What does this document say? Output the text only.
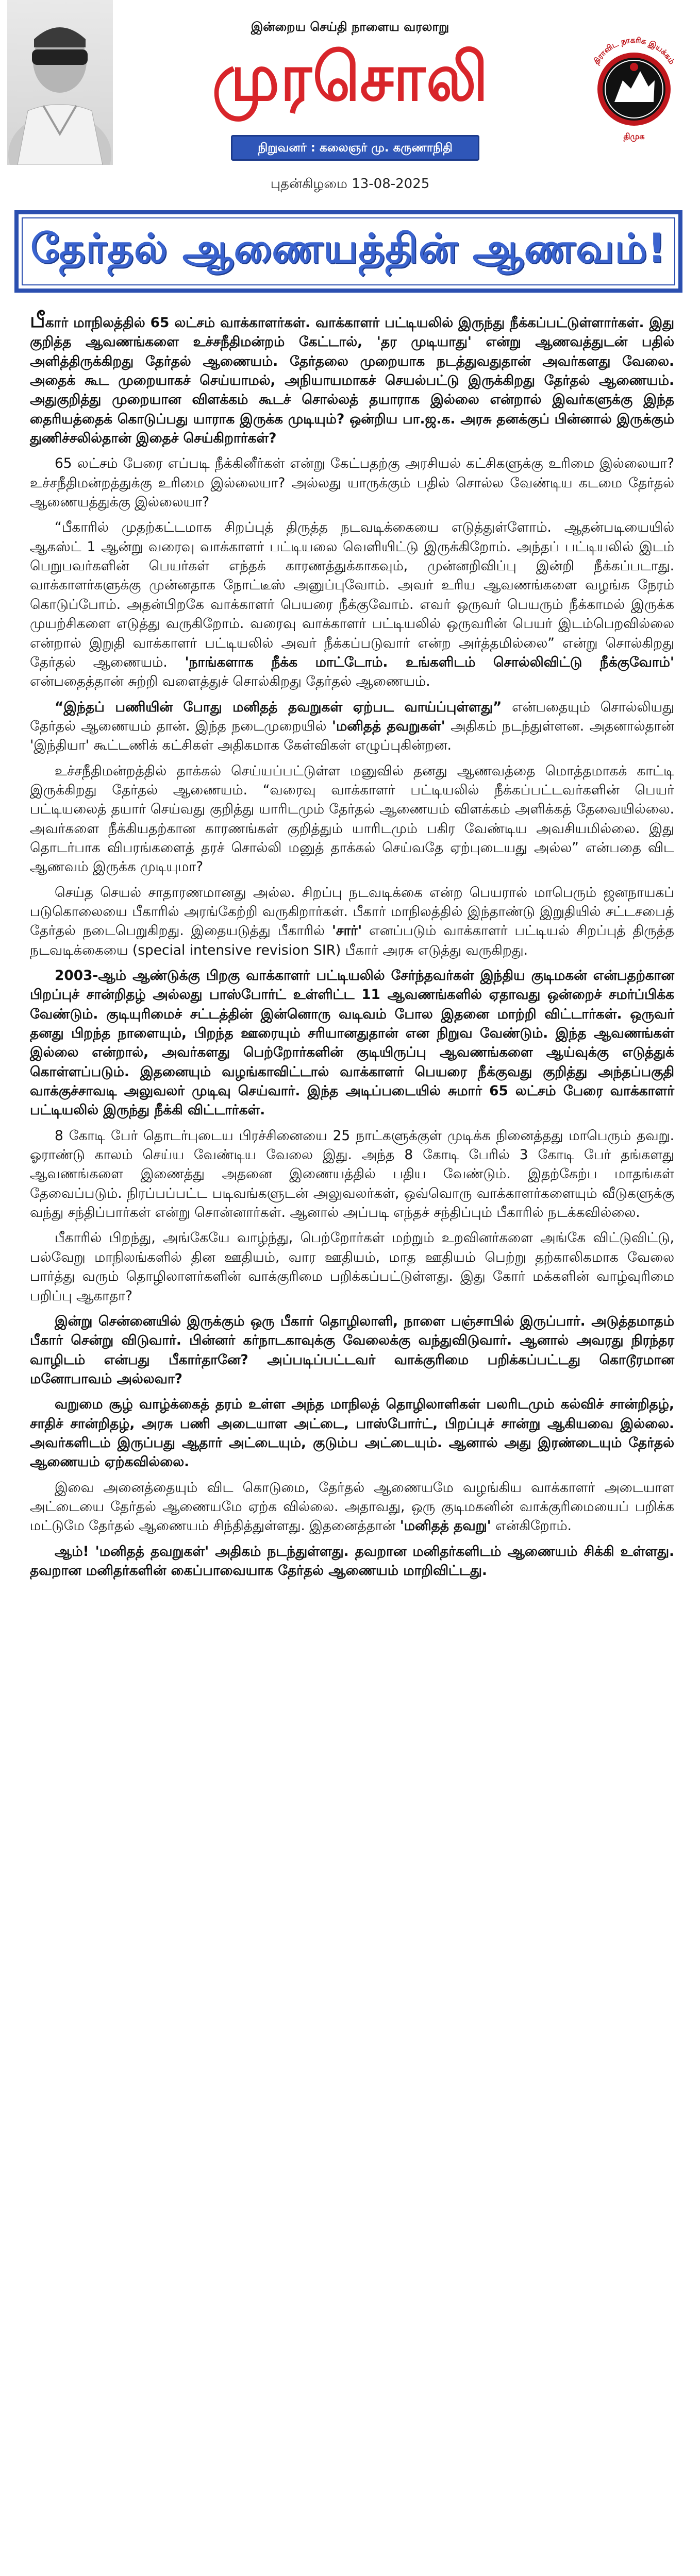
இன்றைய செய்தி நாளைய வரலாறு
முரசொலி	திராவிட நாகரிக இயக்கம்
திமுக
நிறுவனர் : கலைஞர் மு. கருணாநிதி
புதன்கிழமை 13-08-2025
தேர்தல் ஆணையத்தின் ஆணவம்!

பீகார் மாநிலத்தில் 65 லட்சம் வாக்காளர்கள். வாக்காளர் பட்டியலில் இருந்து நீக்கப்பட்டுள்ளார்கள். இது குறித்த ஆவணங்களை உச்சநீதிமன்றம் கேட்டால், 'தர முடியாது' என்று ஆணவத்துடன் பதில் அளித்திருக்கிறது தேர்தல் ஆணையம். தேர்தலை முறையாக நடத்துவதுதான் அவர்களது வேலை. அதைக் கூட முறையாகச் செய்யாமல், அநியாயமாகச் செயல்பட்டு இருக்கிறது தேர்தல் ஆணையம். அதுகுறித்து முறையான விளக்கம் கூடச் சொல்லத் தயாராக இல்லை என்றால் இவர்களுக்கு இந்த தைரியத்தைக் கொடுப்பது யாராக இருக்க முடியும்? ஒன்றிய பா.ஜ.க. அரசு தனக்குப் பின்னால் இருக்கும் துணிச்சலில்தான் இதைச் செய்கிறார்கள்?

65 லட்சம் பேரை எப்படி நீக்கினீர்கள் என்று கேட்பதற்கு அரசியல் கட்சிகளுக்கு உரிமை இல்லையா? உச்சநீதிமன்றத்துக்கு உரிமை இல்லையா? அல்லது யாருக்கும் பதில் சொல்ல வேண்டிய கடமை தேர்தல் ஆணையத்துக்கு இல்லையா?

“பீகாரில் முதற்கட்டமாக சிறப்புத் திருத்த நடவடிக்கையை எடுத்துள்ளோம். ஆதன்படியையில் ஆகஸ்ட் 1 ஆன்று வரைவு வாக்காளர் பட்டியலை வெளியிட்டு இருக்கிறோம். அந்தப் பட்டியலில் இடம் பெறுபவர்களின் பெயர்கள் எந்தக் காரணத்துக்காகவும், முன்னறிவிப்பு இன்றி நீக்கப்படாது. வாக்காளர்களுக்கு முன்னதாக நோட்டீஸ் அனுப்புவோம். அவர் உரிய ஆவணங்களை வழங்க நேரம் கொடுப்போம். அதன்பிறகே வாக்காளர் பெயரை நீக்குவோம். எவர் ஒருவர் பெயரும் நீக்காமல் இருக்க முயற்சிகளை எடுத்து வருகிறோம். வரைவு வாக்காளர் பட்டியலில் ஒருவரின் பெயர் இடம்பெறவில்லை என்றால் இறுதி வாக்காளர் பட்டியலில் அவர் நீக்கப்படுவார் என்ற அர்த்தமில்லை” என்று சொல்கிறது தேர்தல் ஆணையம். 'நாங்களாக நீக்க மாட்டோம். உங்களிடம் சொல்லிவிட்டு நீக்குவோம்' என்பதைத்தான் சுற்றி வளைத்துச் சொல்கிறது தேர்தல் ஆணையம்.

“இந்தப் பணியின் போது மனிதத் தவறுகள் ஏற்பட வாய்ப்புள்ளது” என்பதையும் சொல்லியது தேர்தல் ஆணையம் தான். இந்த நடைமுறையில் 'மனிதத் தவறுகள்' அதிகம் நடந்துள்ளன. அதனால்தான் 'இந்தியா' கூட்டணிக் கட்சிகள் அதிகமாக கேள்விகள் எழுப்புகின்றன.

உச்சநீதிமன்றத்தில் தாக்கல் செய்யப்பட்டுள்ள மனுவில் தனது ஆணவத்தை மொத்தமாகக் காட்டி இருக்கிறது தேர்தல் ஆணையம். “வரைவு வாக்காளர் பட்டியலில் நீக்கப்பட்டவர்களின் பெயர் பட்டியலைத் தயார் செய்வது குறித்து யாரிடமும் தேர்தல் ஆணையம் விளக்கம் அளிக்கத் தேவையில்லை. அவர்களை நீக்கியதற்கான காரணங்கள் குறித்தும் யாரிடமும் பகிர வேண்டிய அவசியமில்லை. இது தொடர்பாக விபரங்களைத் தரச் சொல்லி மனுத் தாக்கல் செய்வதே ஏற்புடையது அல்ல” என்பதை விட ஆணவம் இருக்க முடியுமா?

செய்த செயல் சாதாரணமானது அல்ல. சிறப்பு நடவடிக்கை என்ற பெயரால் மாபெரும் ஜனநாயகப் படுகொலையை பீகாரில் அரங்கேற்றி வருகிறார்கள். பீகார் மாநிலத்தில் இந்தாண்டு இறுதியில் சட்டசபைத் தேர்தல் நடைபெறுகிறது. இதையடுத்து பீகாரில் 'சார்' எனப்படும் வாக்காளர் பட்டியல் சிறப்புத் திருத்த நடவடிக்கையை (special intensive revision SIR) பீகார் அரசு எடுத்து வருகிறது.

2003-ஆம் ஆண்டுக்கு பிறகு வாக்காளர் பட்டியலில் சேர்ந்தவர்கள் இந்திய குடிமகன் என்பதற்கான பிறப்புச் சான்றிதழ் அல்லது பாஸ்போர்ட் உள்ளிட்ட 11 ஆவணங்களில் ஏதாவது ஒன்றைச் சமர்ப்பிக்க வேண்டும். குடியுரிமைச் சட்டத்தின் இன்னொரு வடிவம் போல இதனை மாற்றி விட்டார்கள். ஒருவர் தனது பிறந்த நாளையும், பிறந்த ஊரையும் சரியானதுதான் என நிறுவ வேண்டும். இந்த ஆவணங்கள் இல்லை என்றால், அவர்களது பெற்றோர்களின் குடியிருப்பு ஆவணங்களை ஆய்வுக்கு எடுத்துக் கொள்ளப்படும். இதனையும் வழங்காவிட்டால் வாக்காளர் பெயரை நீக்குவது குறித்து அந்தப்பகுதி வாக்குச்சாவடி அலுவலர் முடிவு செய்வார். இந்த அடிப்படையில் சுமார் 65 லட்சம் பேரை வாக்காளர் பட்டியலில் இருந்து நீக்கி விட்டார்கள்.

8 கோடி பேர் தொடர்புடைய பிரச்சினையை 25 நாட்களுக்குள் முடிக்க நினைத்தது மாபெரும் தவறு. ஓராண்டு காலம் செய்ய வேண்டிய வேலை இது. அந்த 8 கோடி பேரில் 3 கோடி பேர் தங்களது ஆவணங்களை இணைத்து அதனை இணையத்தில் பதிய வேண்டும். இதற்கேற்ப மாதங்கள் தேவைப்படும். நிரப்பப்பட்ட படிவங்களுடன் அலுவலர்கள், ஒவ்வொரு வாக்காளர்களையும் வீடுகளுக்கு வந்து சந்திப்பார்கள் என்று சொன்னார்கள். ஆனால் அப்படி எந்தச் சந்திப்பும் பீகாரில் நடக்கவில்லை.

பீகாரில் பிறந்து, அங்கேயே வாழ்ந்து, பெற்றோர்கள் மற்றும் உறவினர்களை அங்கே விட்டுவிட்டு, பல்வேறு மாநிலங்களில் தின ஊதியம், வார ஊதியம், மாத ஊதியம் பெற்று தற்காலிகமாக வேலை பார்த்து வரும் தொழிலாளர்களின் வாக்குரிமை பறிக்கப்பட்டுள்ளது. இது கோர் மக்களின் வாழ்வுரிமை பறிப்பு ஆகாதா?

இன்று சென்னையில் இருக்கும் ஒரு பீகார் தொழிலாளி, நாளை பஞ்சாபில் இருப்பார். அடுத்தமாதம் பீகார் சென்று விடுவார். பின்னர் கர்நாடகாவுக்கு வேலைக்கு வந்துவிடுவார். ஆனால் அவரது நிரந்தர வாழிடம் என்பது பீகார்தானே? அப்படிப்பட்டவர் வாக்குரிமை பறிக்கப்பட்டது கொடூரமான மனோபாவம் அல்லவா?

வறுமை சூழ் வாழ்க்கைத் தரம் உள்ள அந்த மாநிலத் தொழிலாளிகள் பலரிடமும் கல்விச் சான்றிதழ், சாதிச் சான்றிதழ், அரசு பணி அடையாள அட்டை, பாஸ்போர்ட், பிறப்புச் சான்று ஆகியவை இல்லை. அவர்களிடம் இருப்பது ஆதார் அட்டையும், குடும்ப அட்டையும். ஆனால் அது இரண்டையும் தேர்தல் ஆணையம் ஏற்கவில்லை.

இவை அனைத்தையும் விட கொடுமை, தேர்தல் ஆணையமே வழங்கிய வாக்காளர் அடையாள அட்டையை தேர்தல் ஆணையமே ஏற்க வில்லை. அதாவது, ஒரு குடிமகனின் வாக்குரிமையைப் பறிக்க மட்டுமே தேர்தல் ஆணையம் சிந்தித்துள்ளது. இதனைத்தான் 'மனிதத் தவறு' என்கிறோம்.

ஆம்! 'மனிதத் தவறுகள்' அதிகம் நடந்துள்ளது. தவறான மனிதர்களிடம் ஆணையம் சிக்கி உள்ளது. தவறான மனிதர்களின் கைப்பாவையாக தேர்தல் ஆணையம் மாறிவிட்டது.
